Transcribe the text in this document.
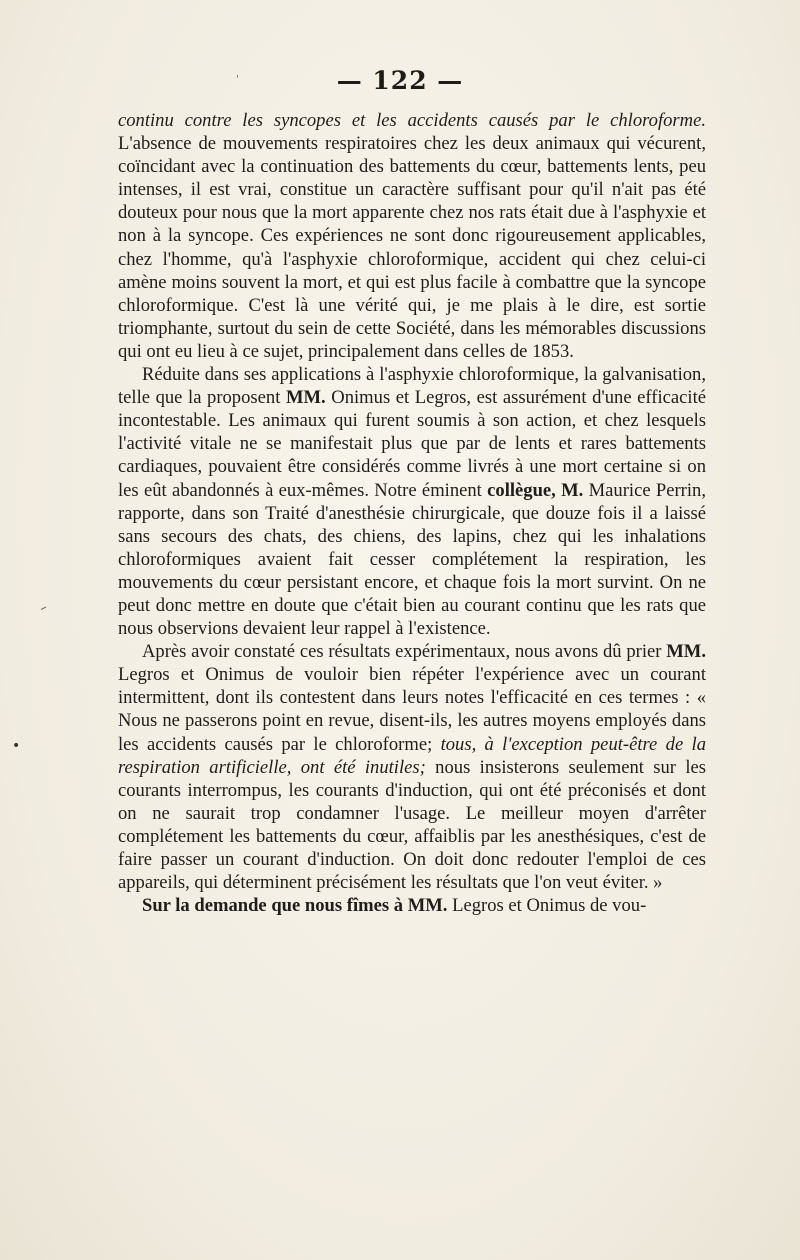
— 122 —

continu contre les syncopes et les accidents causés par le chloroforme. L'absence de mouvements respiratoires chez les deux animaux qui vécurent, coïncidant avec la continuation des battements du cœur, battements lents, peu intenses, il est vrai, constitue un caractère suffisant pour qu'il n'ait pas été douteux pour nous que la mort apparente chez nos rats était due à l'asphyxie et non à la syncope. Ces expériences ne sont donc rigoureusement applicables, chez l'homme, qu'à l'asphyxie chloroformique, accident qui chez celui-ci amène moins souvent la mort, et qui est plus facile à combattre que la syncope chloroformique. C'est là une vérité qui, je me plais à le dire, est sortie triomphante, surtout du sein de cette Société, dans les mémorables discussions qui ont eu lieu à ce sujet, principalement dans celles de 1853.

Réduite dans ses applications à l'asphyxie chloroformique, la galvanisation, telle que la proposent MM. Onimus et Legros, est assurément d'une efficacité incontestable. Les animaux qui furent soumis à son action, et chez lesquels l'activité vitale ne se manifestait plus que par de lents et rares battements cardiaques, pouvaient être considérés comme livrés à une mort certaine si on les eût abandonnés à eux-mêmes. Notre éminent collègue, M. Maurice Perrin, rapporte, dans son Traité d'anesthésie chirurgicale, que douze fois il a laissé sans secours des chats, des chiens, des lapins, chez qui les inhalations chloroformiques avaient fait cesser complétement la respiration, les mouvements du cœur persistant encore, et chaque fois la mort survint. On ne peut donc mettre en doute que c'était bien au courant continu que les rats que nous observions devaient leur rappel à l'existence.

Après avoir constaté ces résultats expérimentaux, nous avons dû prier MM. Legros et Onimus de vouloir bien répéter l'expérience avec un courant intermittent, dont ils contestent dans leurs notes l'efficacité en ces termes : « Nous ne passerons point en revue, disent-ils, les autres moyens employés dans les accidents causés par le chloroforme; tous, à l'exception peut-être de la respiration artificielle, ont été inutiles; nous insisterons seulement sur les courants interrompus, les courants d'induction, qui ont été préconisés et dont on ne saurait trop condamner l'usage. Le meilleur moyen d'arrêter complétement les battements du cœur, affaiblis par les anesthésiques, c'est de faire passer un courant d'induction. On doit donc redouter l'emploi de ces appareils, qui déterminent précisément les résultats que l'on veut éviter. »

Sur la demande que nous fîmes à MM. Legros et Onimus de vou-

'
–
•
